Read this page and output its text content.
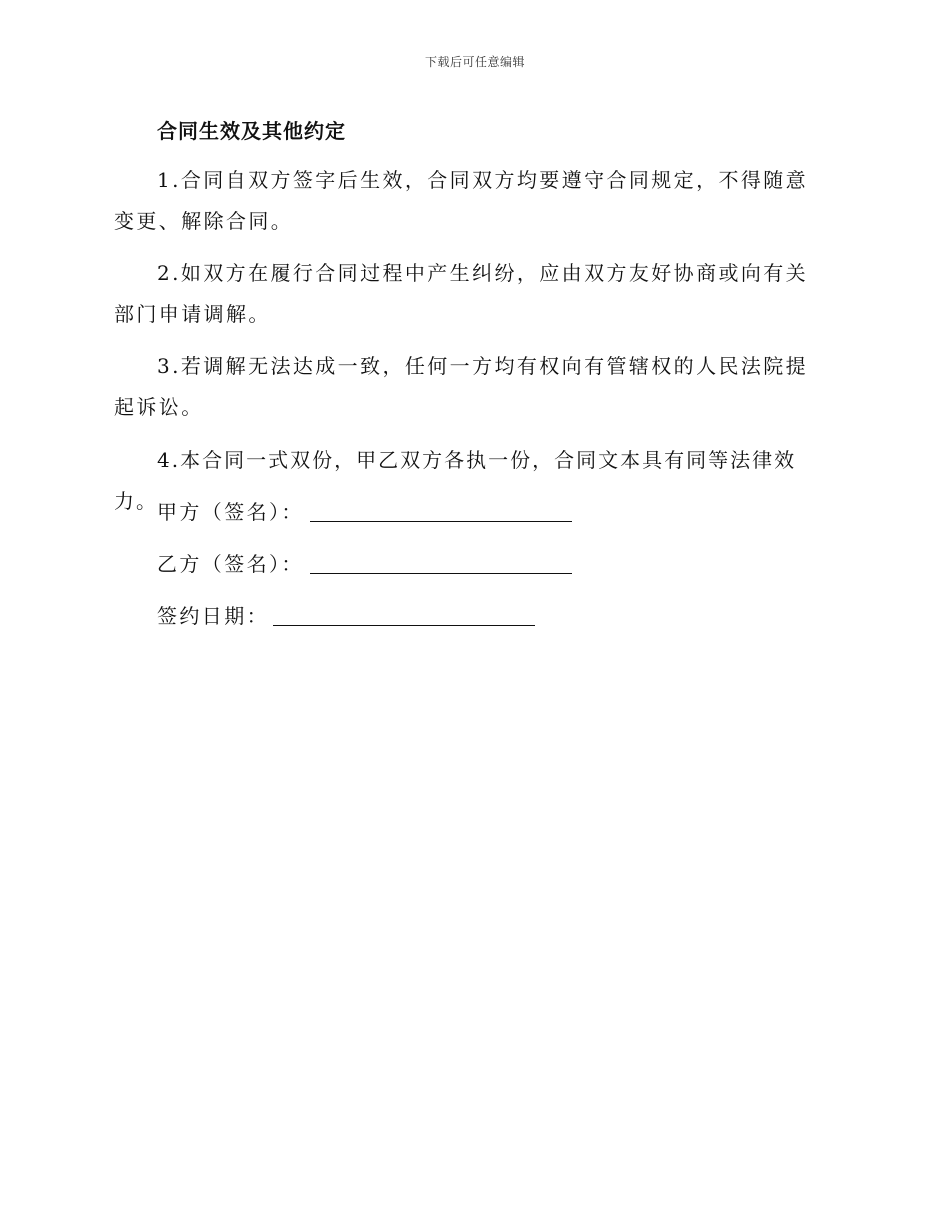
下载后可任意编辑
合同生效及其他约定

1.合同自双方签字后生效，合同双方均要遵守合同规定，不得随意变更、解除合同。

2.如双方在履行合同过程中产生纠纷，应由双方友好协商或向有关部门申请调解。

3.若调解无法达成一致，任何一方均有权向有管辖权的人民法院提起诉讼。

4.本合同一式双份，甲乙双方各执一份，合同文本具有同等法律效力。 甲方（签名）：
乙方（签名）：
签约日期：
